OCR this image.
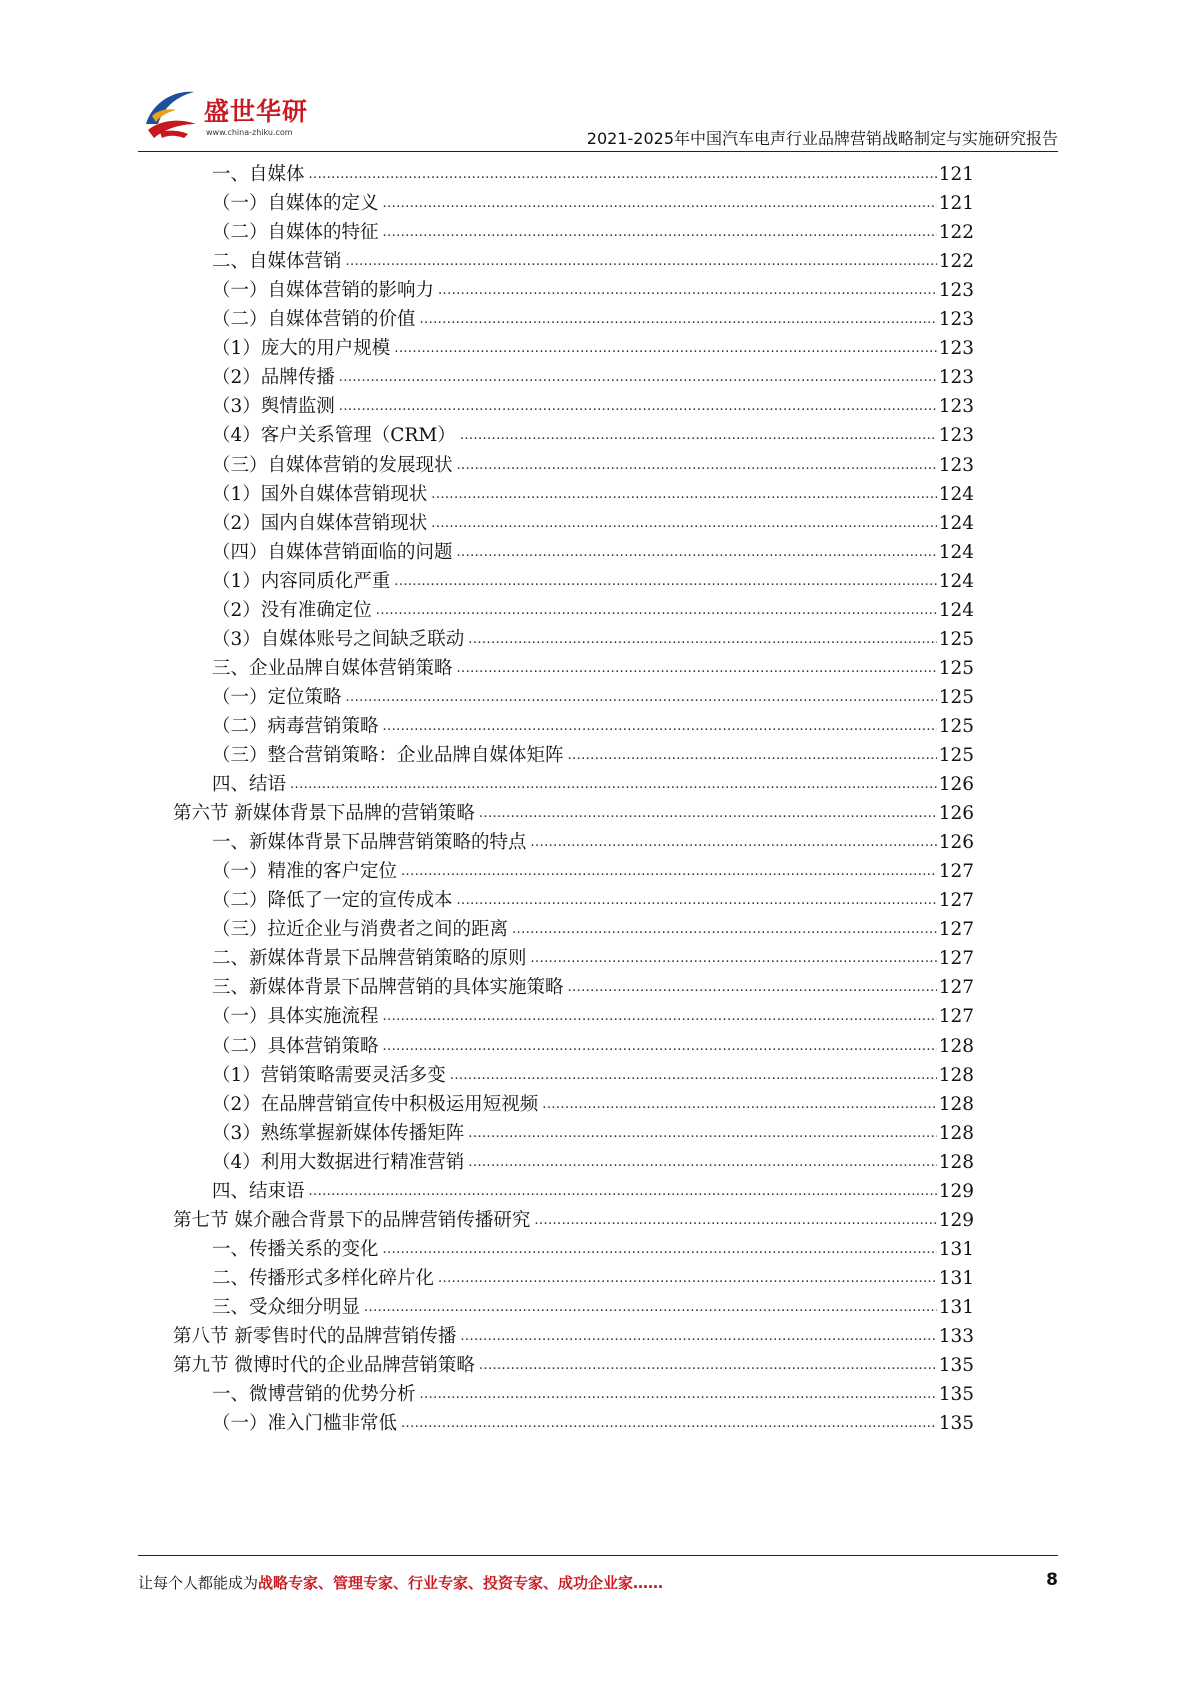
盛世华研
www.china-zhiku.com	2021-2025年中国汽车电声行业品牌营销战略制定与实施研究报告
一、自媒体 .....	121
（一）自媒体的定义 .....	121
（二）自媒体的特征 .....	122
二、自媒体营销 .....	122
（一）自媒体营销的影响力 .....	123
（二）自媒体营销的价值 .....	123
（1）庞大的用户规模 .....	123
（2）品牌传播 .....	123
（3）舆情监测 .....	123
（4）客户关系管理（CRM） .....	123
（三）自媒体营销的发展现状 .....	123
（1）国外自媒体营销现状 .....	124
（2）国内自媒体营销现状 .....	124
（四）自媒体营销面临的问题 .....	124
（1）内容同质化严重 .....	124
（2）没有准确定位 .....	124
（3）自媒体账号之间缺乏联动 .....	125
三、企业品牌自媒体营销策略 .....	125
（一）定位策略 .....	125
（二）病毒营销策略 .....	125
（三）整合营销策略：企业品牌自媒体矩阵 .....	125
四、结语 .....	126
第六节 新媒体背景下品牌的营销策略 .....	126
一、新媒体背景下品牌营销策略的特点 .....	126
（一）精准的客户定位 .....	127
（二）降低了一定的宣传成本 .....	127
（三）拉近企业与消费者之间的距离 .....	127
二、新媒体背景下品牌营销策略的原则 .....	127
三、新媒体背景下品牌营销的具体实施策略 .....	127
（一）具体实施流程 .....	127
（二）具体营销策略 .....	128
（1）营销策略需要灵活多变 .....	128
（2）在品牌营销宣传中积极运用短视频 .....	128
（3）熟练掌握新媒体传播矩阵 .....	128
（4）利用大数据进行精准营销 .....	128
四、结束语 .....	129
第七节 媒介融合背景下的品牌营销传播研究 .....	129
一、传播关系的变化 .....	131
二、传播形式多样化碎片化 .....	131
三、受众细分明显 .....	131
第八节 新零售时代的品牌营销传播 .....	133
第九节 微博时代的企业品牌营销策略 .....	135
一、微博营销的优势分析 .....	135
（一）准入门槛非常低 .....	135
让每个人都能成为战略专家、管理专家、行业专家、投资专家、成功企业家……	8
